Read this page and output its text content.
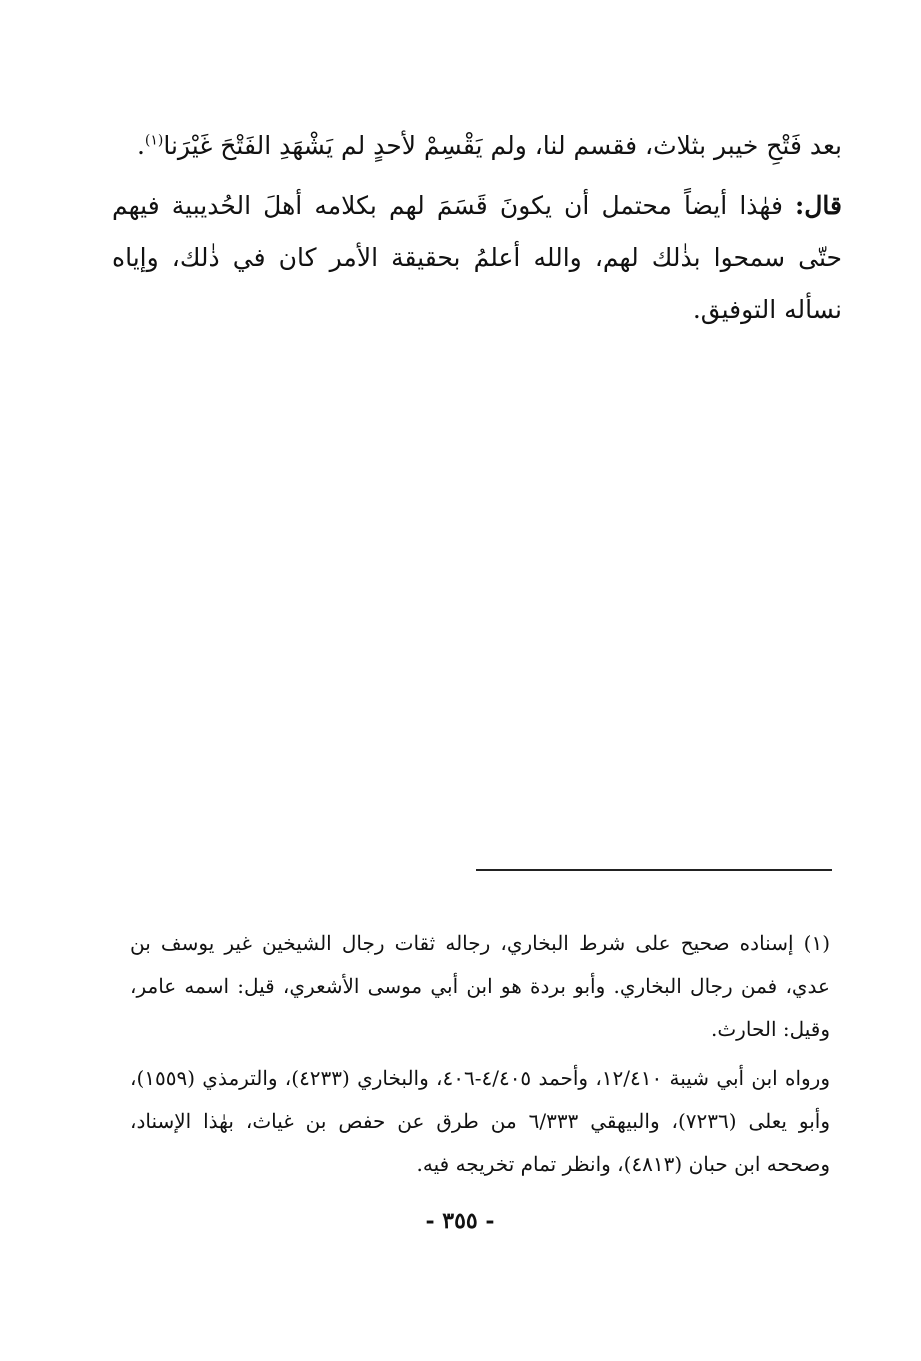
بعد فَتْحِ خيبر بثلاث، فقسم لنا، ولم يَقْسِمْ لأحدٍ لم يَشْهَدِ الفَتْحَ غَيْرَنا$^{(١)}$.

قال: فهٰذا أيضاً محتمل أن يكونَ قَسَمَ لهم بكلامه أهلَ الحُديبية فيهم حتّى سمحوا بذٰلك لهم، والله أعلمُ بحقيقة الأمر كان في ذٰلك، وإياه نسأله التوفيق.

(١) إسناده صحيح على شرط البخاري، رجاله ثقات رجال الشيخين غير يوسف بن عدي، فمن رجال البخاري. وأبو بردة هو ابن أبي موسى الأشعري، قيل: اسمه عامر، وقيل: الحارث.

ورواه ابن أبي شيبة ١٢/٤١٠، وأحمد ٤/٤٠٥-٤٠٦، والبخاري (٤٢٣٣)، والترمذي (١٥٥٩)، وأبو يعلى (٧٢٣٦)، والبيهقي ٦/٣٣٣ من طرق عن حفص بن غياث، بهٰذا الإسناد، وصححه ابن حبان (٤٨١٣)، وانظر تمام تخريجه فيه.

- ٣٥٥ -
